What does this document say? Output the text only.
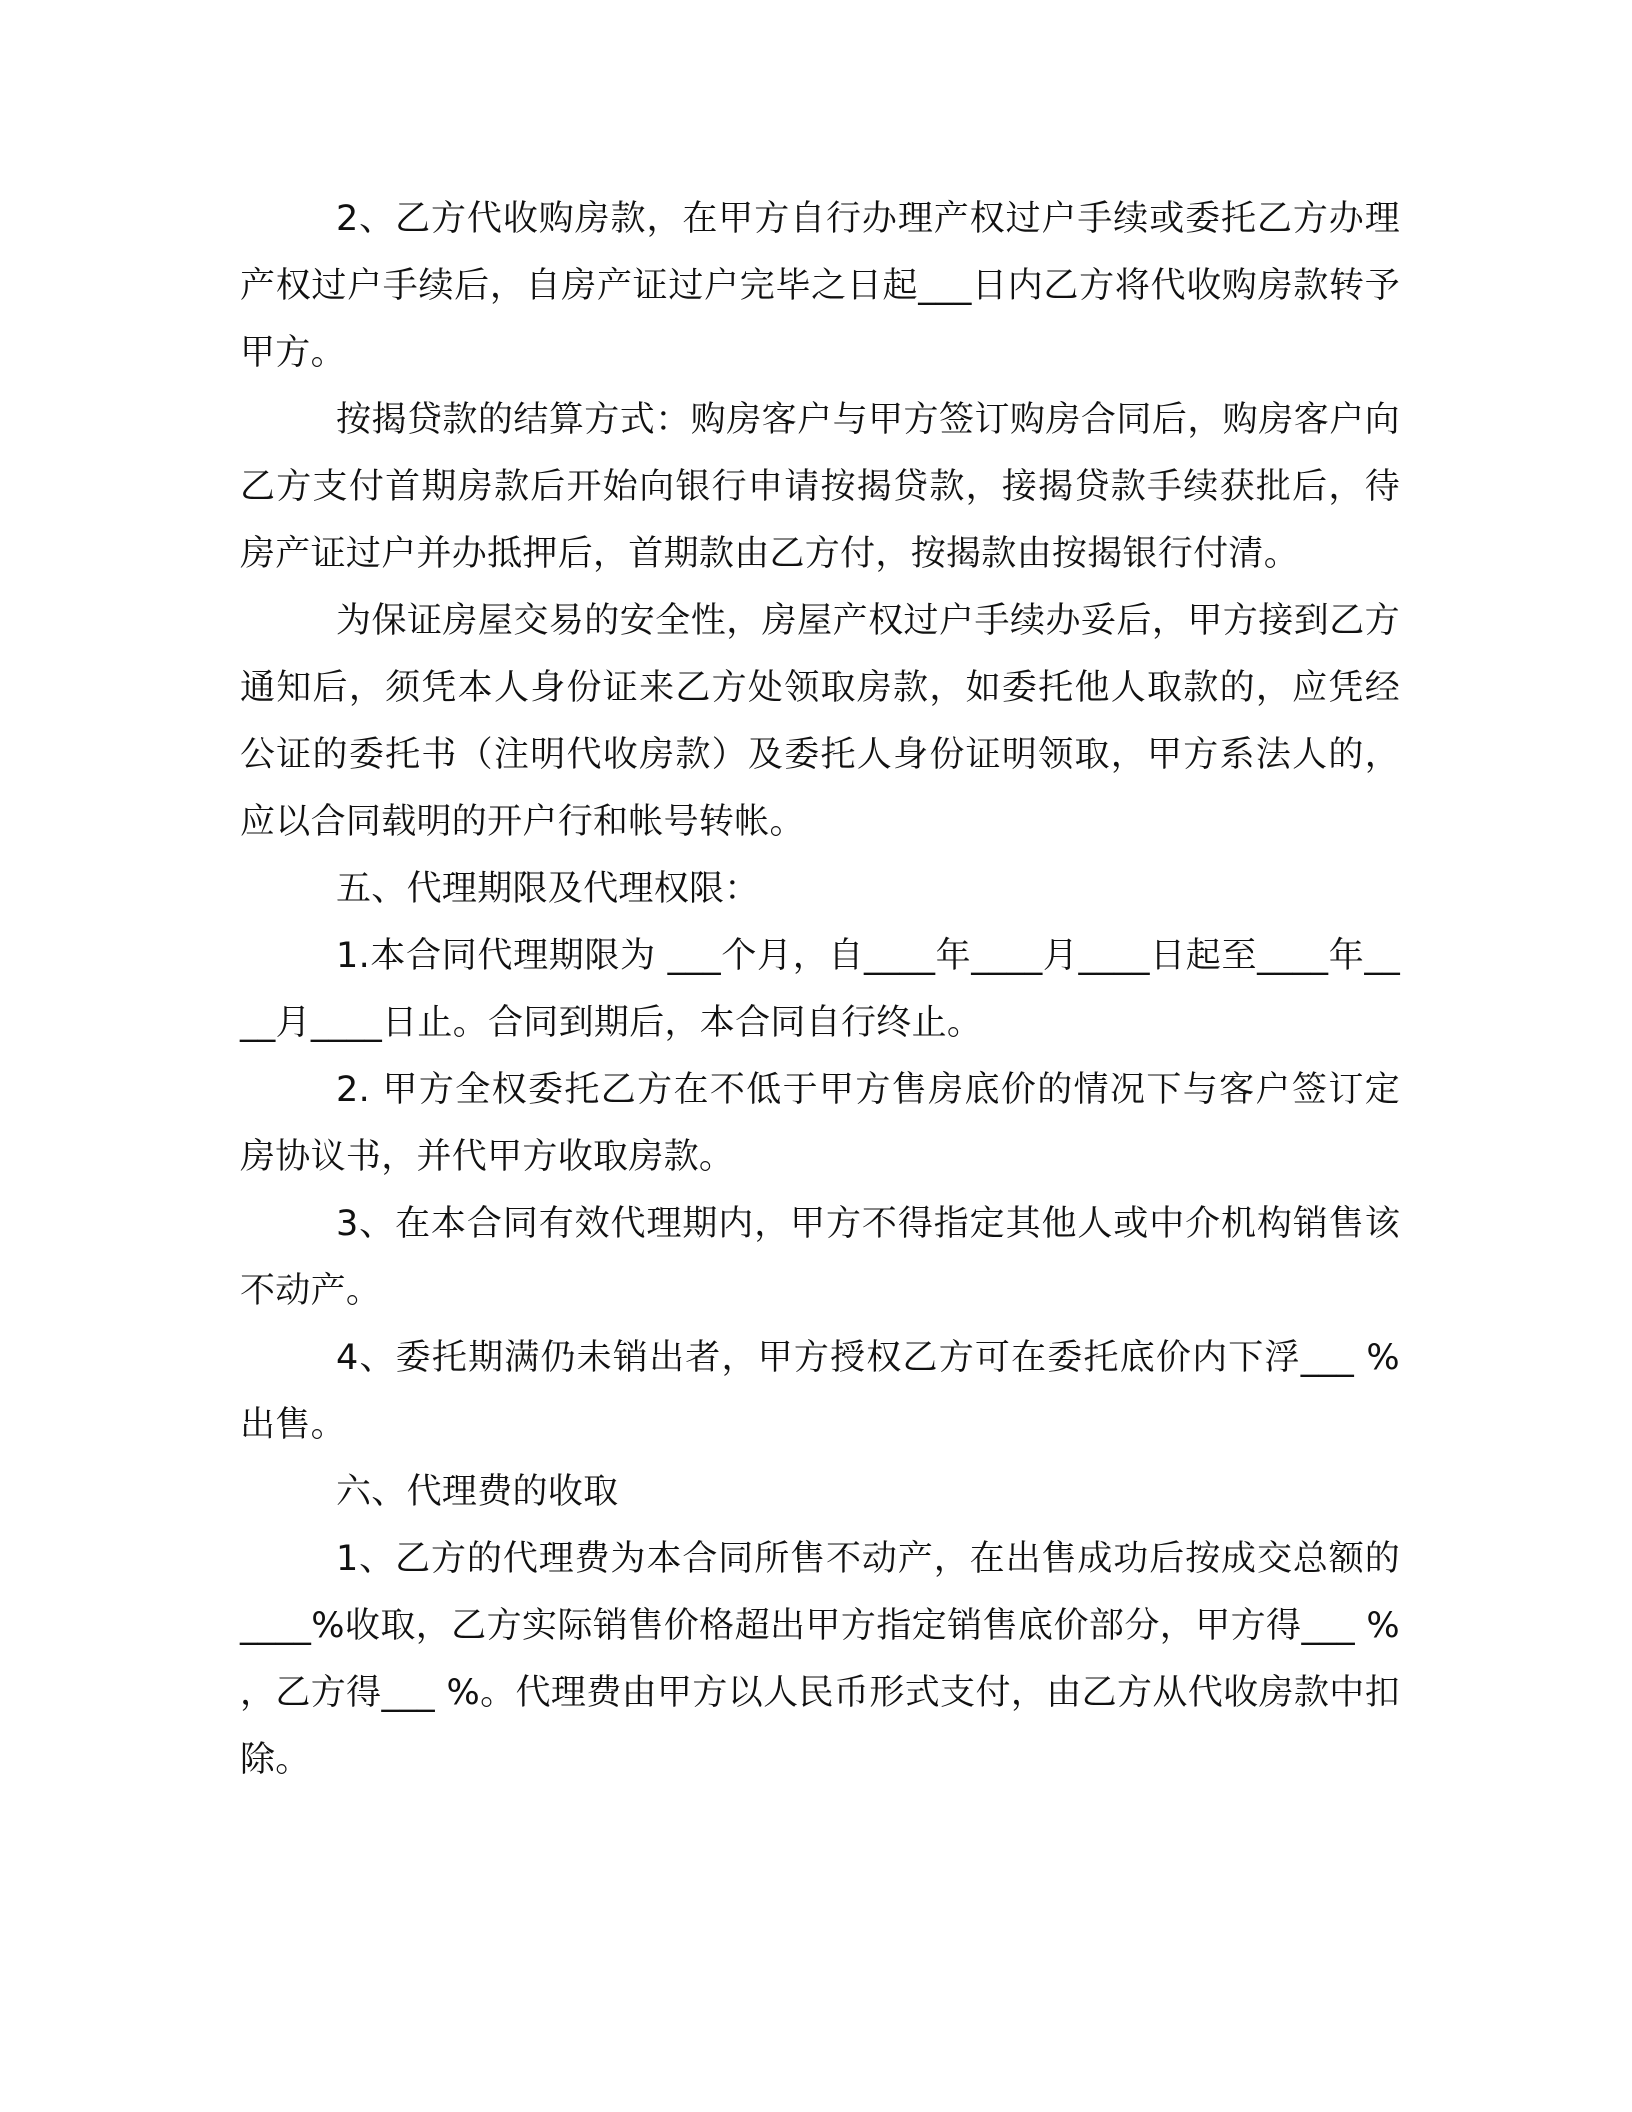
2、乙方代收购房款，在甲方自行办理产权过户手续或委托乙方办理产权过户手续后，自房产证过户完毕之日起___日内乙方将代收购房款转予甲方。

按揭贷款的结算方式：购房客户与甲方签订购房合同后，购房客户向乙方支付首期房款后开始向银行申请按揭贷款，接揭贷款手续获批后，待房产证过户并办抵押后，首期款由乙方付，按揭款由按揭银行付清。

为保证房屋交易的安全性，房屋产权过户手续办妥后，甲方接到乙方通知后，须凭本人身份证来乙方处领取房款，如委托他人取款的，应凭经公证的委托书（注明代收房款）及委托人身份证明领取，甲方系法人的，应以合同载明的开户行和帐号转帐。

五、代理期限及代理权限：

1.本合同代理期限为 ___个月，自____年____月____日起至____年____月____日止。合同到期后，本合同自行终止。

2. 甲方全权委托乙方在不低于甲方售房底价的情况下与客户签订定房协议书，并代甲方收取房款。

3、在本合同有效代理期内，甲方不得指定其他人或中介机构销售该不动产。

4、委托期满仍未销出者，甲方授权乙方可在委托底价内下浮___ %出售。

六、代理费的收取

1、乙方的代理费为本合同所售不动产，在出售成功后按成交总额的____%收取，乙方实际销售价格超出甲方指定销售底价部分，甲方得___ % ，乙方得___ %。代理费由甲方以人民币形式支付，由乙方从代收房款中扣除。
